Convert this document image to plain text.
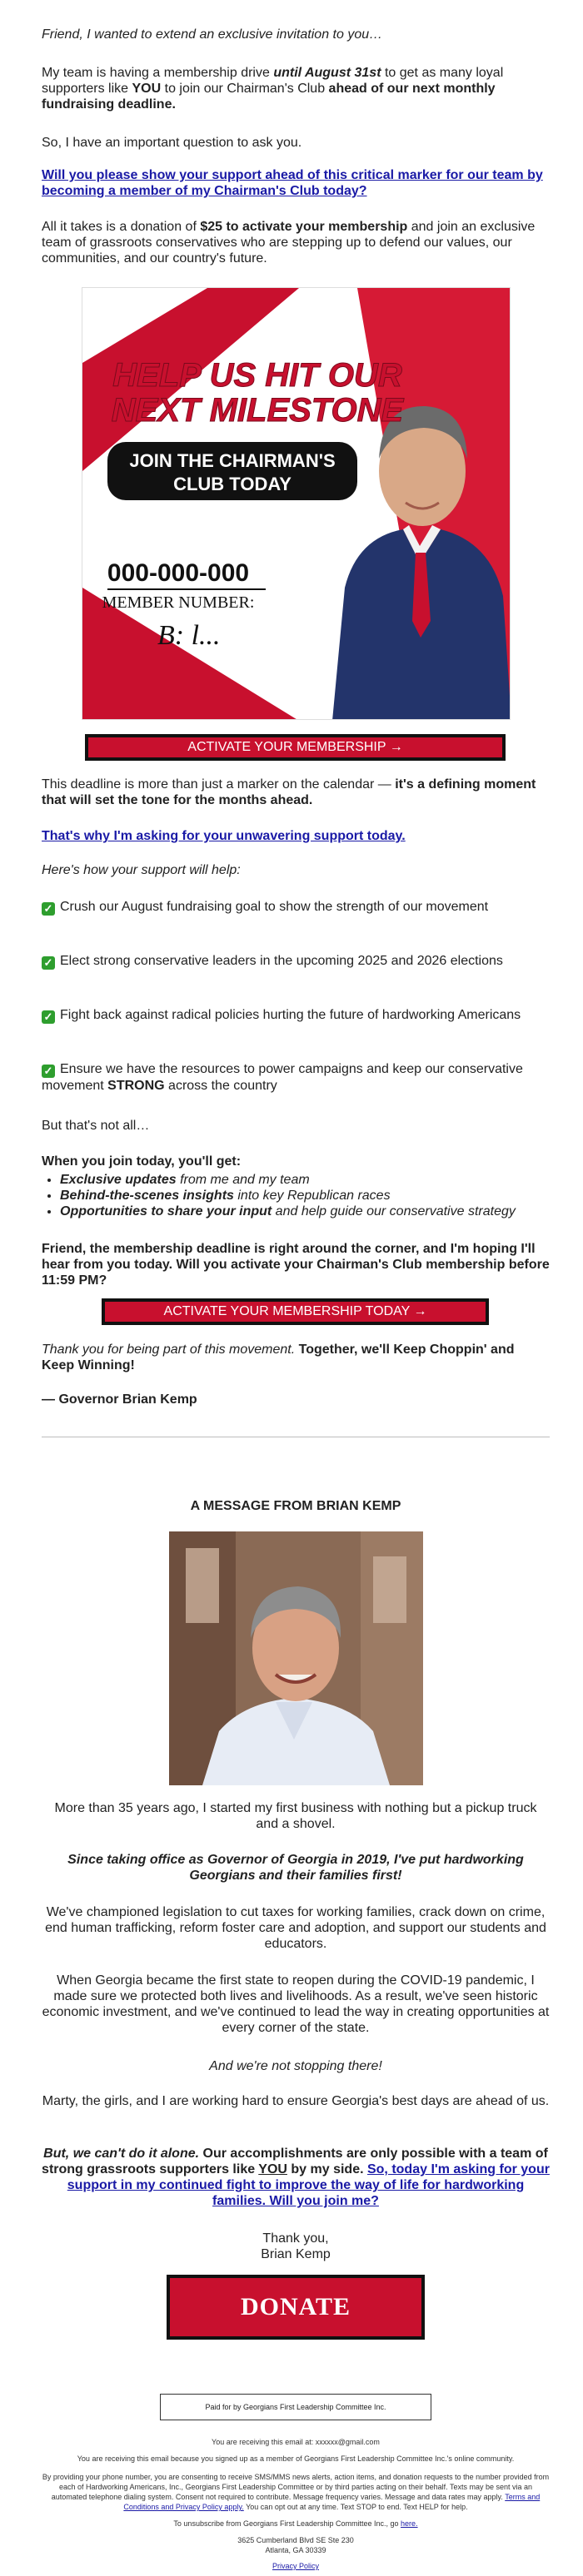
Friend, I wanted to extend an exclusive invitation to you…

My team is having a membership drive until August 31st to get as many loyal supporters like YOU to join our Chairman's Club ahead of our next monthly fundraising deadline.

So, I have an important question to ask you.

Will you please show your support ahead of this critical marker for our team by becoming a member of my Chairman's Club today?

All it takes is a donation of $25 to activate your membership and join an exclusive team of grassroots conservatives who are stepping up to defend our values, our communities, and our country's future.

HELP US HIT OUR
NEXT MILESTONE
JOIN THE CHAIRMAN'S
CLUB TODAY
000-000-000
MEMBER NUMBER:
B: l...
ACTIVATE YOUR MEMBERSHIP →

This deadline is more than just a marker on the calendar — it's a defining moment that will set the tone for the months ahead.

That's why I'm asking for your unwavering support today.

Here's how your support will help:

✓ Crush our August fundraising goal to show the strength of our movement

✓ Elect strong conservative leaders in the upcoming 2025 and 2026 elections

✓ Fight back against radical policies hurting the future of hardworking Americans

✓ Ensure we have the resources to power campaigns and keep our conservative movement STRONG across the country

But that's not all…

When you join today, you'll get:

• Exclusive updates from me and my team
• Behind-the-scenes insights into key Republican races
• Opportunities to share your input and help guide our conservative strategy

Friend, the membership deadline is right around the corner, and I'm hoping I'll hear from you today. Will you activate your Chairman's Club membership before 11:59 PM?

ACTIVATE YOUR MEMBERSHIP TODAY →

Thank you for being part of this movement. Together, we'll Keep Choppin' and Keep Winning!

— Governor Brian Kemp

A MESSAGE FROM BRIAN KEMP

More than 35 years ago, I started my first business with nothing but a pickup truck and a shovel.

Since taking office as Governor of Georgia in 2019, I've put hardworking Georgians and their families first!

We've championed legislation to cut taxes for working families, crack down on crime, end human trafficking, reform foster care and adoption, and support our students and educators.

When Georgia became the first state to reopen during the COVID-19 pandemic, I made sure we protected both lives and livelihoods. As a result, we've seen historic economic investment, and we've continued to lead the way in creating opportunities at every corner of the state.

And we're not stopping there!

Marty, the girls, and I are working hard to ensure Georgia's best days are ahead of us.

But, we can't do it alone. Our accomplishments are only possible with a team of strong grassroots supporters like YOU by my side. So, today I'm asking for your support in my continued fight to improve the way of life for hardworking families. Will you join me?

Thank you,

Brian Kemp

DONATE
Paid for by Georgians First Leadership Committee Inc.

You are receiving this email at: xxxxxx@gmail.com

You are receiving this email because you signed up as a member of Georgians First Leadership Committee Inc.'s online community.

By providing your phone number, you are consenting to receive SMS/MMS news alerts, action items, and donation requests to the number provided from each of Hardworking Americans, Inc., Georgians First Leadership Committee or by third parties acting on their behalf. Texts may be sent via an automated telephone dialing system. Consent not required to contribute. Message frequency varies. Message and data rates may apply. Terms and Conditions and Privacy Policy apply. You can opt out at any time. Text STOP to end. Text HELP for help.

To unsubscribe from Georgians First Leadership Committee Inc., go here.

3625 Cumberland Blvd SE Ste 230

Atlanta, GA 30339

Privacy Policy
